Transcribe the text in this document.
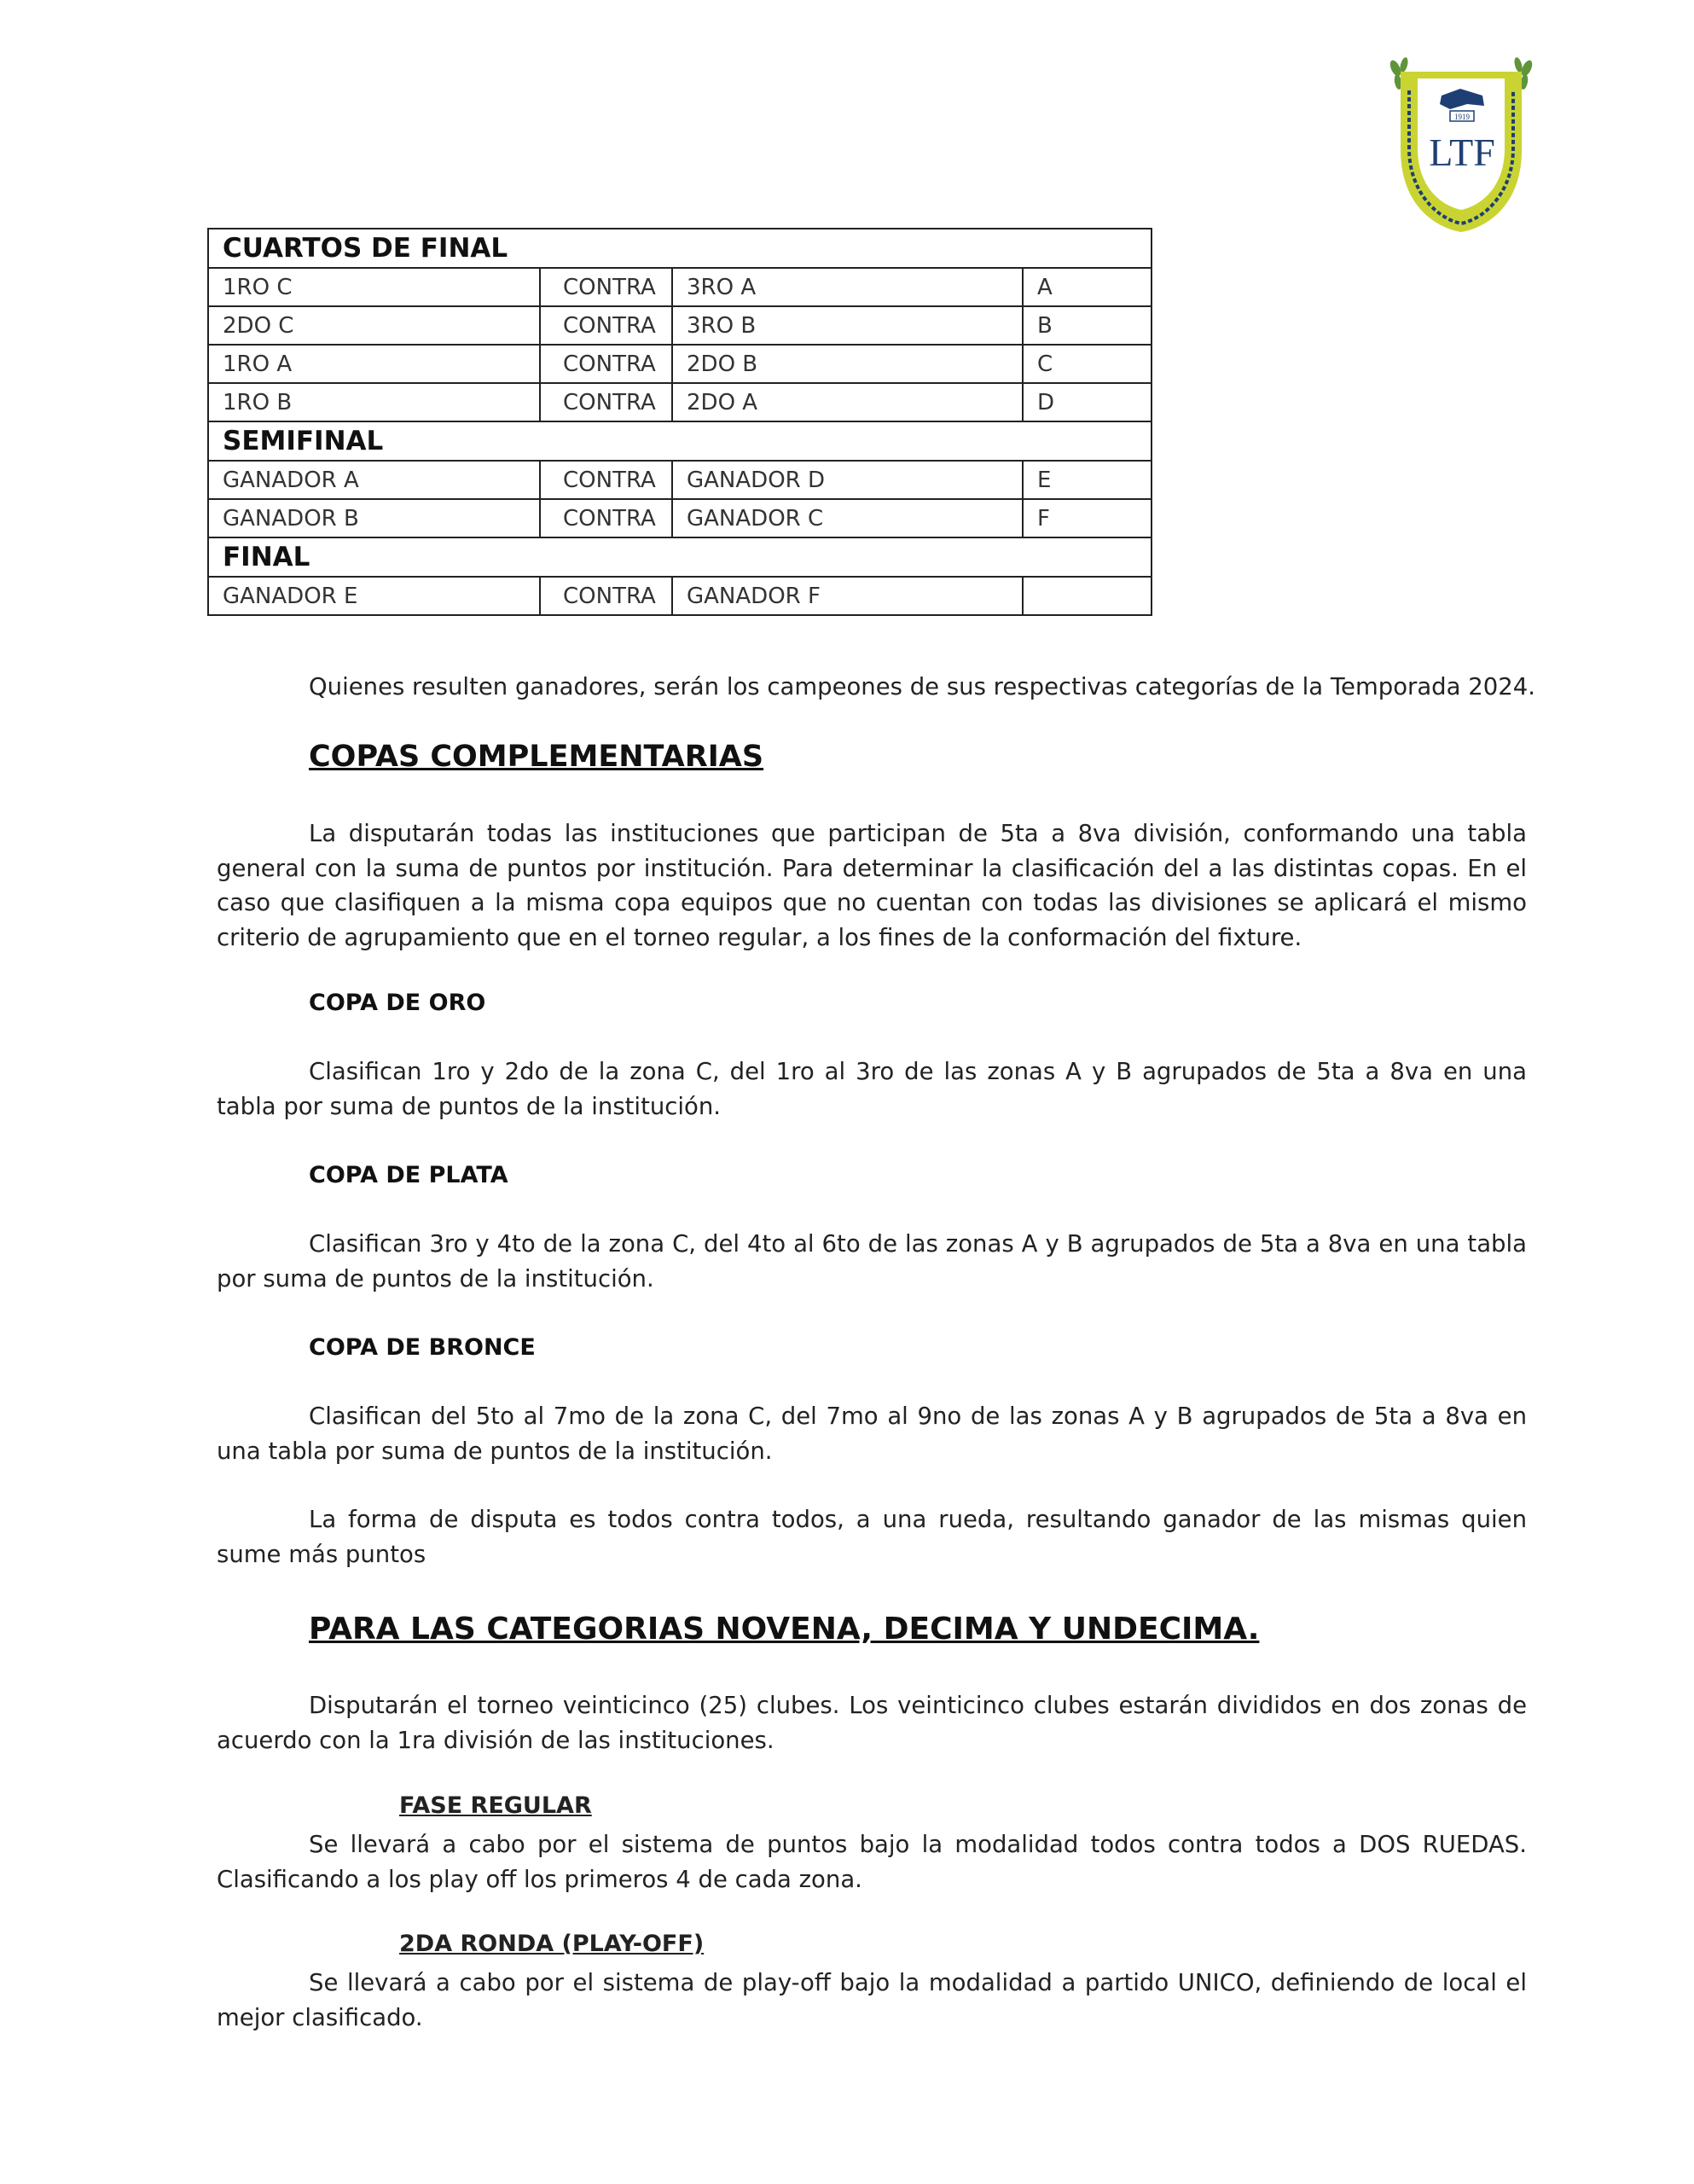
1919
LTF
CUARTOS DE FINAL			
1RO C	CONTRA	3RO A	A
2DO C	CONTRA	3RO B	B
1RO A	CONTRA	2DO B	C
1RO B	CONTRA	2DO A	D
SEMIFINAL			
GANADOR A	CONTRA	GANADOR D	E
GANADOR B	CONTRA	GANADOR C	F
FINAL			
GANADOR E	CONTRA	GANADOR F	

Quienes resulten ganadores, serán los campeones de sus respectivas categorías de la Temporada 2024.

COPAS COMPLEMENTARIAS

La disputarán todas las instituciones que participan de 5ta a 8va división, conformando una tabla general con la suma de puntos por institución. Para determinar la clasificación del a las distintas copas. En el caso que clasifiquen a la misma copa equipos que no cuentan con todas las divisiones se aplicará el mismo criterio de agrupamiento que en el torneo regular, a los fines de la conformación del fixture.

COPA DE ORO

Clasifican 1ro y 2do de la zona C, del 1ro al 3ro de las zonas A y B agrupados de 5ta a 8va en una tabla por suma de puntos de la institución.

COPA DE PLATA

Clasifican 3ro y 4to de la zona C, del 4to al 6to de las zonas A y B agrupados de 5ta a 8va en una tabla por suma de puntos de la institución.

COPA DE BRONCE

Clasifican del 5to al 7mo de la zona C, del 7mo al 9no de las zonas A y B agrupados de 5ta a 8va en una tabla por suma de puntos de la institución.

La forma de disputa es todos contra todos, a una rueda, resultando ganador de las mismas quien sume más puntos

PARA LAS CATEGORIAS NOVENA, DECIMA Y UNDECIMA.

Disputarán el torneo veinticinco (25) clubes. Los veinticinco clubes estarán divididos en dos zonas de acuerdo con la 1ra división de las instituciones.

FASE REGULAR

Se llevará a cabo por el sistema de puntos bajo la modalidad todos contra todos a DOS RUEDAS. Clasificando a los play off los primeros 4 de cada zona.

2DA RONDA (PLAY-OFF)

Se llevará a cabo por el sistema de play-off bajo la modalidad a partido UNICO, definiendo de local el mejor clasificado.
